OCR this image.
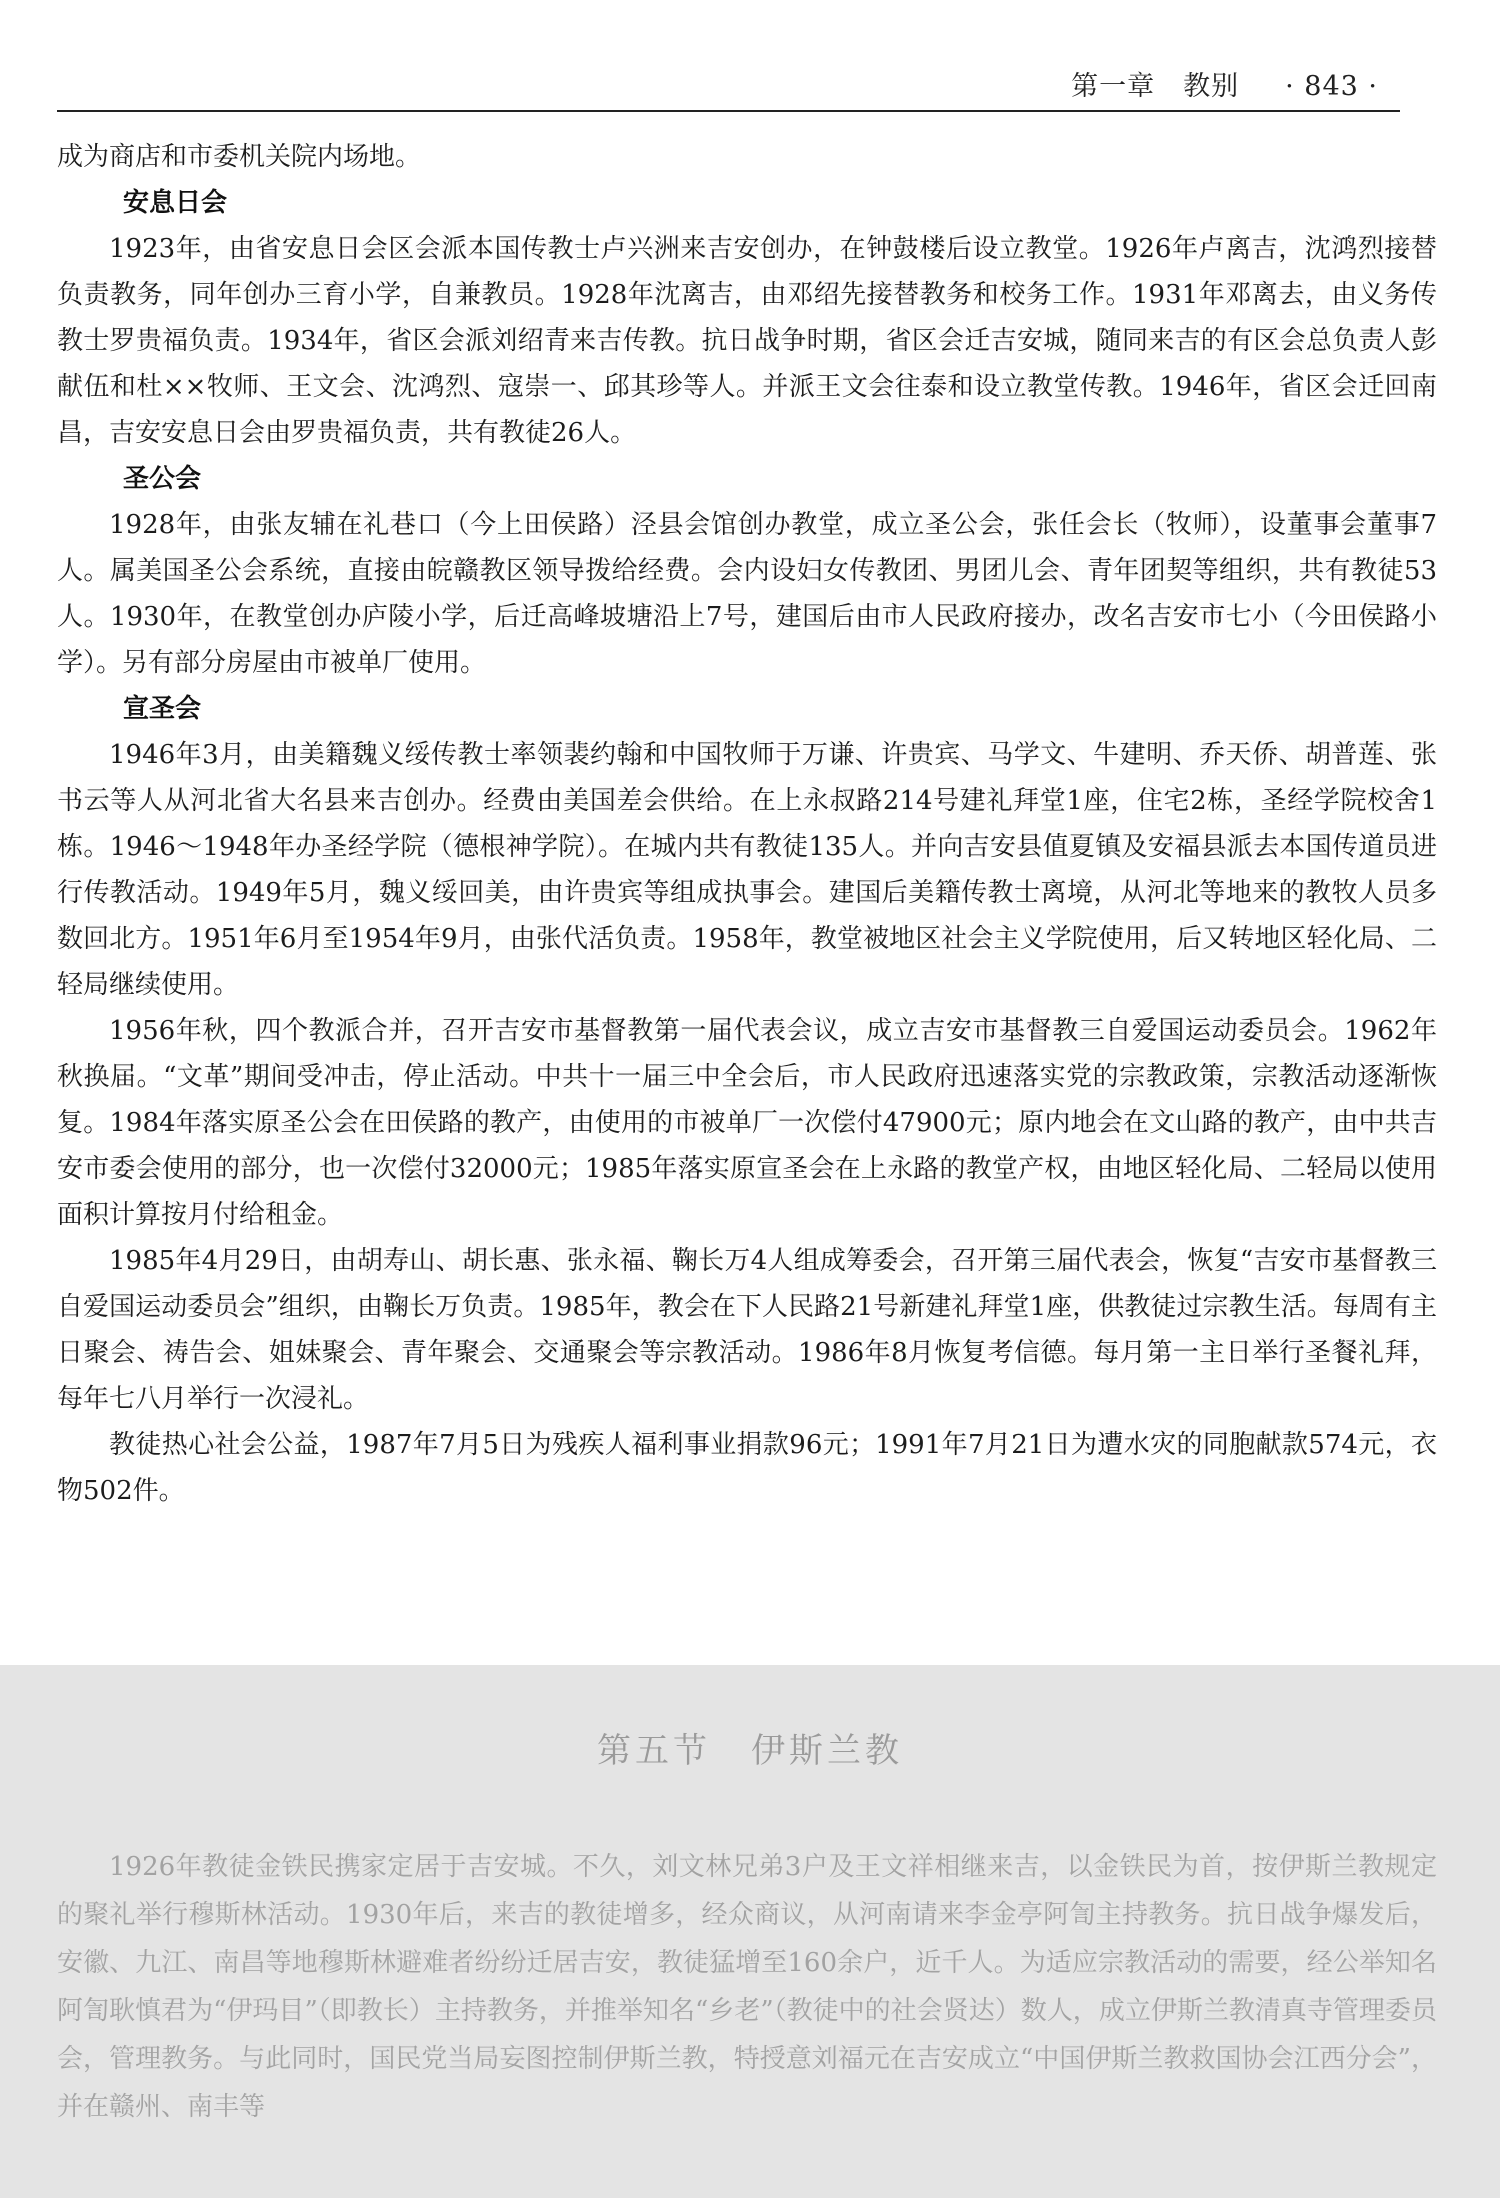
第一章　教别 · 843 ·

成为商店和市委机关院内场地。

安息日会

1923年，由省安息日会区会派本国传教士卢兴洲来吉安创办，在钟鼓楼后设立教堂。1926年卢离吉，沈鸿烈接替负责教务，同年创办三育小学，自兼教员。1928年沈离吉，由邓绍先接替教务和校务工作。1931年邓离去，由义务传教士罗贵福负责。1934年，省区会派刘绍青来吉传教。抗日战争时期，省区会迁吉安城，随同来吉的有区会总负责人彭献伍和杜××牧师、王文会、沈鸿烈、寇崇一、邱其珍等人。并派王文会往泰和设立教堂传教。1946年，省区会迁回南昌，吉安安息日会由罗贵福负责，共有教徒26人。

圣公会

1928年，由张友辅在礼巷口（今上田侯路）泾县会馆创办教堂，成立圣公会，张任会长（牧师），设董事会董事7人。属美国圣公会系统，直接由皖赣教区领导拨给经费。会内设妇女传教团、男团儿会、青年团契等组织，共有教徒53人。1930年，在教堂创办庐陵小学，后迁高峰坡塘沿上7号，建国后由市人民政府接办，改名吉安市七小（今田侯路小学）。另有部分房屋由市被单厂使用。

宣圣会

1946年3月，由美籍魏义绥传教士率领裴约翰和中国牧师于万谦、许贵宾、马学文、牛建明、乔天侨、胡普莲、张书云等人从河北省大名县来吉创办。经费由美国差会供给。在上永叔路214号建礼拜堂1座，住宅2栋，圣经学院校舍1栋。1946～1948年办圣经学院（德根神学院）。在城内共有教徒135人。并向吉安县值夏镇及安福县派去本国传道员进行传教活动。1949年5月，魏义绥回美，由许贵宾等组成执事会。建国后美籍传教士离境，从河北等地来的教牧人员多数回北方。1951年6月至1954年9月，由张代活负责。1958年，教堂被地区社会主义学院使用，后又转地区轻化局、二轻局继续使用。

1956年秋，四个教派合并，召开吉安市基督教第一届代表会议，成立吉安市基督教三自爱国运动委员会。1962年秋换届。“文革”期间受冲击，停止活动。中共十一届三中全会后，市人民政府迅速落实党的宗教政策，宗教活动逐渐恢复。1984年落实原圣公会在田侯路的教产，由使用的市被单厂一次偿付47900元；原内地会在文山路的教产，由中共吉安市委会使用的部分，也一次偿付32000元；1985年落实原宣圣会在上永路的教堂产权，由地区轻化局、二轻局以使用面积计算按月付给租金。

1985年4月29日，由胡寿山、胡长惠、张永福、鞠长万4人组成筹委会，召开第三届代表会，恢复“吉安市基督教三自爱国运动委员会”组织，由鞠长万负责。1985年，教会在下人民路21号新建礼拜堂1座，供教徒过宗教生活。每周有主日聚会、祷告会、姐妹聚会、青年聚会、交通聚会等宗教活动。1986年8月恢复考信德。每月第一主日举行圣餐礼拜，每年七八月举行一次浸礼。

教徒热心社会公益，1987年7月5日为残疾人福利事业捐款96元；1991年7月21日为遭水灾的同胞献款574元，衣物502件。

第五节 伊斯兰教

1926年教徒金铁民携家定居于吉安城。不久，刘文林兄弟3户及王文祥相继来吉，以金铁民为首，按伊斯兰教规定的聚礼举行穆斯林活动。1930年后，来吉的教徒增多，经众商议，从河南请来李金亭阿訇主持教务。抗日战争爆发后，安徽、九江、南昌等地穆斯林避难者纷纷迁居吉安，教徒猛增至160余户，近千人。为适应宗教活动的需要，经公举知名阿訇耿慎君为“伊玛目”（即教长）主持教务，并推举知名“乡老”（教徒中的社会贤达）数人，成立伊斯兰教清真寺管理委员会，管理教务。与此同时，国民党当局妄图控制伊斯兰教，特授意刘福元在吉安成立“中国伊斯兰教救国协会江西分会”，并在赣州、南丰等
